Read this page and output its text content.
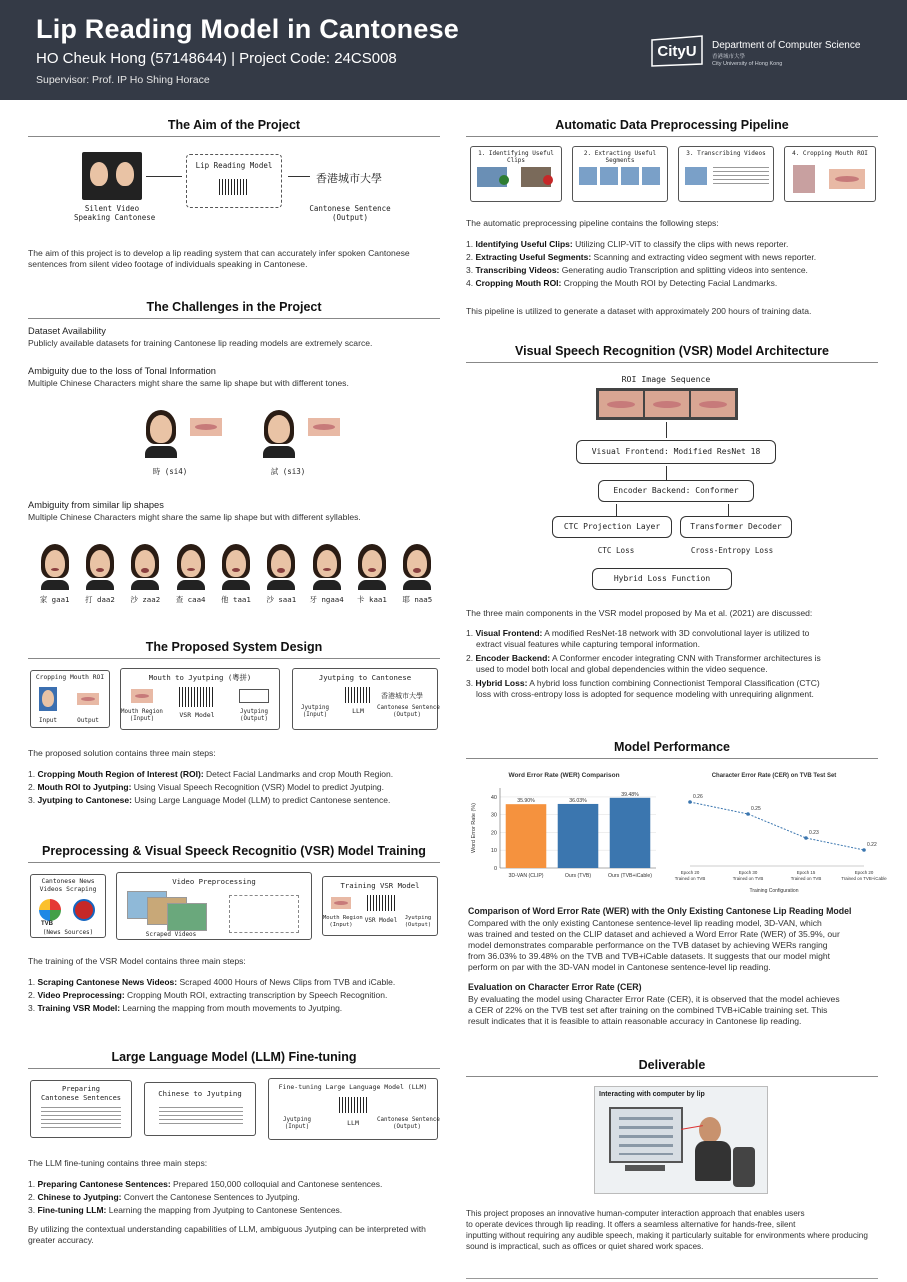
Lip Reading Model in Cantonese
HO Cheuk Hong (57148644) | Project Code: 24CS008
Supervisor: Prof. IP Ho Shing Horace
CityU Department of Computer Science
香港城市大學
City University of Hong Kong
The Aim of the Project
Silent Video
Speaking Cantonese
Lip Reading Model
香港城市大學
Cantonese Sentence
(Output)
The aim of this project is to develop a lip reading system that can accurately infer spoken Cantonese sentences from silent video footage of individuals speaking in Cantonese.
The Challenges in the Project
Dataset Availability
Publicly available datasets for training Cantonese lip reading models are extremely scarce.
Ambiguity due to the loss of Tonal Information
Multiple Chinese Characters might share the same lip shape but with different tones.
時 (si4)	試 (si3)
Ambiguity from similar lip shapes
Multiple Chinese Characters might share the same lip shape but with different syllables.
家 gaa1	打 daa2	沙 zaa2	查 caa4	他 taa1	沙 saa1	牙 ngaa4	卡 kaa1	耶 naa5
The Proposed System Design
Cropping Mouth ROI
Input	Output
Mouth to Jyutping (粵拼)
Mouth Region
(Input)	VSR Model	Jyutping
(Output)
Jyutping to Cantonese
Jyutping
(Input)	LLM
香港城市大學
Cantonese Sentence
(Output)
The proposed solution contains three main steps:
1. Cropping Mouth Region of Interest (ROI): Detect Facial Landmarks and crop Mouth Region.
2. Mouth ROI to Jyutping: Using Visual Speech Recognition (VSR) Model to predict Jyutping.
3. Jyutping to Cantonese: Using Large Language Model (LLM) to predict Cantonese sentence.
Preprocessing & Visual Speeck Recognitio (VSR) Model Training
Cantonese News
Videos Scraping
TVB
(News Sources)
Video Preprocessing
Scraped Videos
Training VSR Model
Mouth Region
(Input)
VSR Model	Jyutping
(Output)
The training of the VSR Model contains three main steps:
1. Scraping Cantonese News Videos: Scraped 4000 Hours of News Clips from TVB and iCable.
2. Video Preprocessing: Cropping Mouth ROI, extracting transcription by Speech Recognition.
3. Training VSR Model: Learning the mapping from mouth movements to Jyutping.
Large Language Model (LLM) Fine-tuning
Preparing
Cantonese Sentences	Chinese to Jyutping
Fine-tuning Large Language Model (LLM)
Jyutping
(Input)	LLM	Cantonese Sentence
(Output)
The LLM fine-tuning contains three main steps:
1. Preparing Cantonese Sentences: Prepared 150,000 colloquial and Cantonese sentences.
2. Chinese to Jyutping: Convert the Cantonese Sentences to Jyutping.
3. Fine-tuning LLM: Learning the mapping from Jyutping to Cantonese Sentences.
By utilizing the contextual understanding capabilities of LLM, ambiguous Jyutping can be interpreted with greater accuracy.
Automatic Data Preprocessing Pipeline
1. Identifying Useful Clips
2. Extracting Useful Segments
3. Transcribing Videos	4. Cropping Mouth ROI
The automatic preprocessing pipeline contains the following steps:
1. Identifying Useful Clips: Utilizing CLIP-ViT to classify the clips with news reporter.
2. Extracting Useful Segments: Scanning and extracting video segment with news reporter.
3. Transcribing Videos: Generating audio Transcription and splitting videos into sentence.
4. Cropping Mouth ROI: Cropping the Mouth ROI by Detecting Facial Landmarks.
This pipeline is utilized to generate a dataset with approximately 200 hours of training data.
Visual Speech Recognition (VSR) Model Architecture
ROI Image Sequence
Visual Frontend: Modified ResNet 18
Encoder Backend: Conformer
CTC Projection Layer	Transformer Decoder
CTC Loss	Cross-Entropy Loss
Hybrid Loss Function
The three main components in the VSR model proposed by Ma et al. (2021) are discussed:
1. Visual Frontend: A modified ResNet-18 network with 3D convolutional layer is utilized to
extract visual features while capturing temporal information.
2. Encoder Backend: A Conformer encoder integrating CNN with Transformer architectures is
used to model both local and global dependencies within the video sequence.
3. Hybrid Loss: A hybrid loss function combining Connectionist Temporal Classification (CTC)
loss with cross-entropy loss is adopted for sequence modeling with unrequiring alignment.
Model Performance
Word Error Rate (WER) Comparison
Word Error Rate (%)
0
10
20
30
40
35.90%
3D-VAN (CLIP)
36.03%
Ours (TVB)
39.48%
Ours (TVB+iCable)
Character Error Rate (CER) on TVB Test Set
0.26
Epoch 20
Trained on TVB
0.25
Epoch 30
Trained on TVB
0.23
Epoch 15
Trained on TVB
0.22
Epoch 20
Trained on TVB+iCable
Training Configuration
Comparison of Word Error Rate (WER) with the Only Existing Cantonese Lip Reading Model
Compared with the only existing Cantonese sentence-level lip reading model, 3D-VAN, which
was trained and tested on the CLIP dataset and achieved a Word Error Rate (WER) of 35.9%, our
model demonstrates comparable performance on the TVB dataset by achieving WERs ranging
from 36.03% to 39.48% on the TVB and TVB+iCable datasets. It suggests that our model might
perform on par with the 3D-VAN model in Cantonese sentence-level lip reading.
Evaluation on Character Error Rate (CER)
By evaluating the model using Character Error Rate (CER), it is observed that the model achieves
a CER of 22% on the TVB test set after training on the combined TVB+iCable training set. This
result indicates that it is feasible to attain reasonable accuracy in Cantonese lip reading.
Deliverable
Interacting with computer by lip
This project proposes an innovative human-computer interaction approach that enables users
to operate devices through lip reading. It offers a seamless alternative for hands-free, silent
inputting without requiring any audible speech, making it particularly suitable for environments where producing
sound is impractical, such as offices or quiet shared work spaces.
